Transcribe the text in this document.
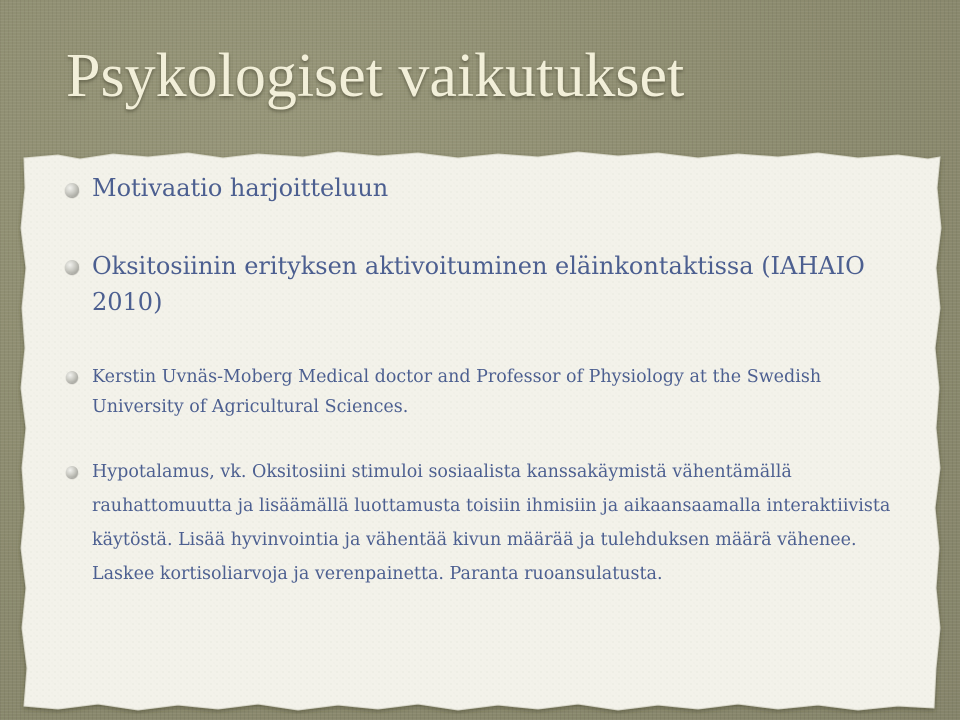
Psykologiset vaikutukset
Motivaatio harjoitteluun
Oksitosiinin erityksen aktivoituminen eläinkontaktissa (IAHAIO 2010)
Kerstin Uvnäs-Moberg Medical doctor and Professor of Physiology at the Swedish University of Agricultural Sciences.
Hypotalamus, vk. Oksitosiini stimuloi sosiaalista kanssakäymistä vähentämällä rauhattomuutta ja lisäämällä luottamusta toisiin ihmisiin ja aikaansaamalla interaktiivista käytöstä. Lisää hyvinvointia ja vähentää kivun määrää ja tulehduksen määrä vähenee. Laskee kortisoliarvoja ja verenpainetta. Paranta ruoansulatusta.
